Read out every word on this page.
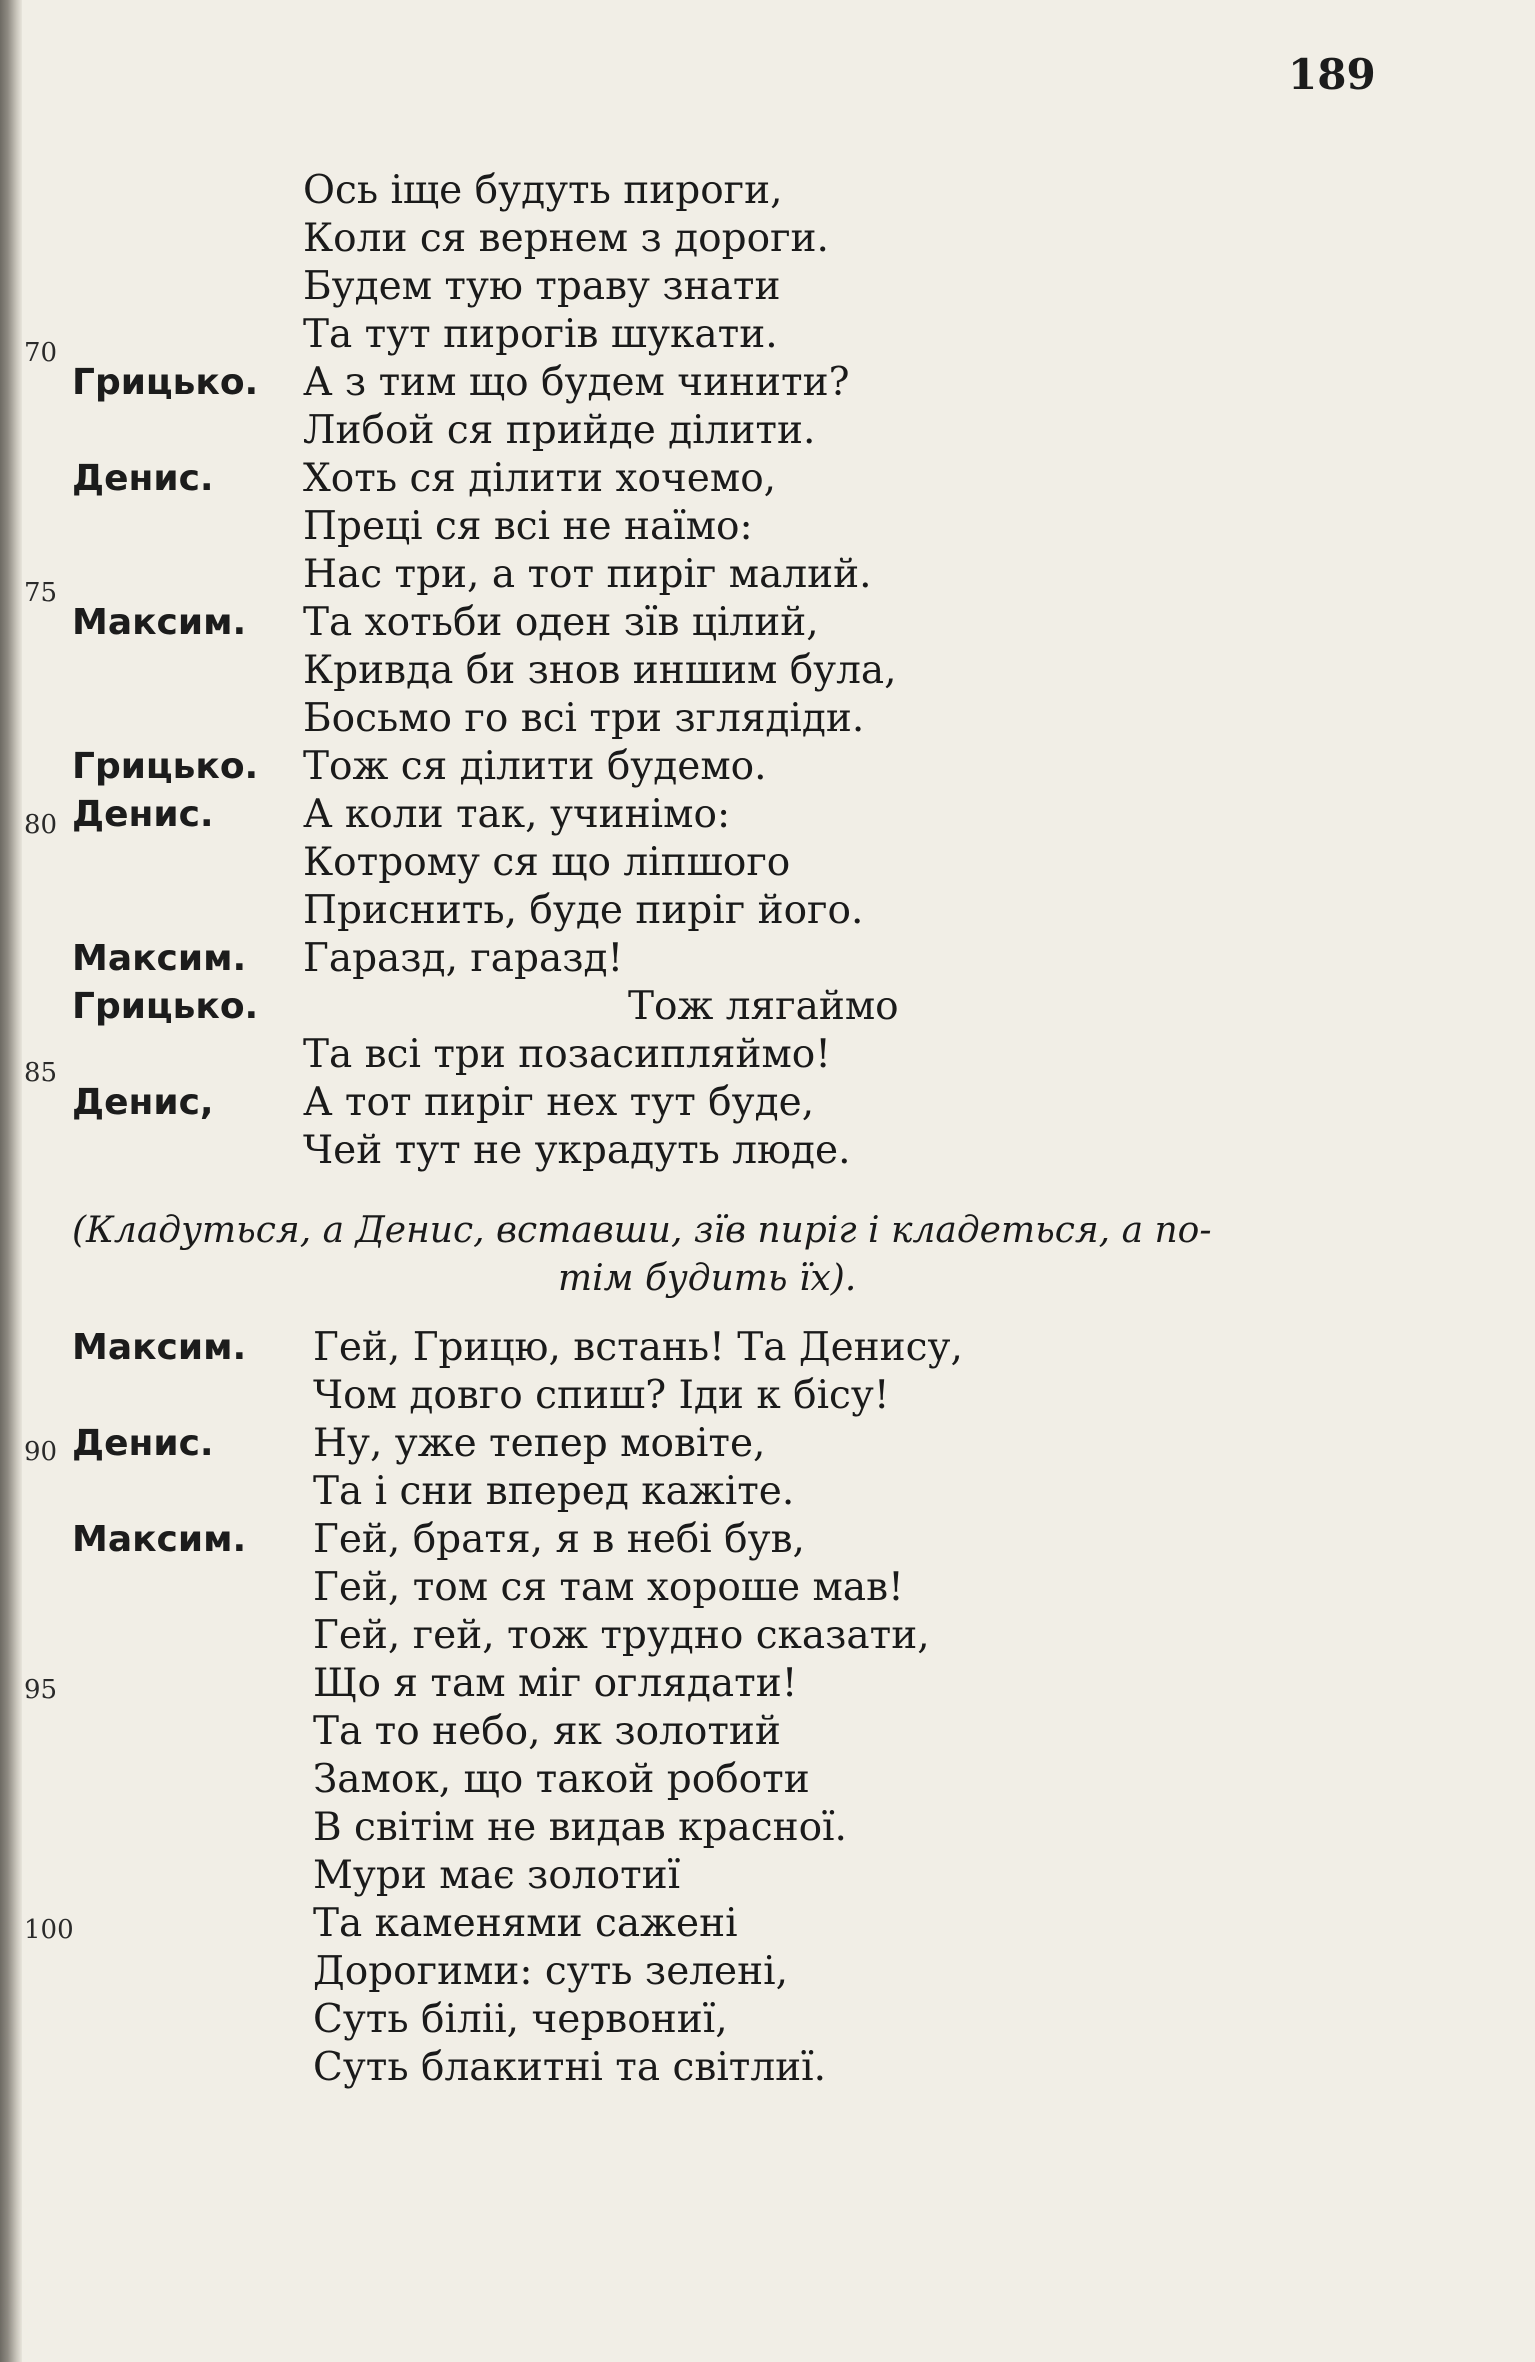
189
Ось іще будуть пироги,
Коли ся вернем з дороги.
Будем тую траву знати
Та тут пирогів шукати.
А з тим що будем чинити?
Либой ся прийде ділити.
Хоть ся ділити хочемо,
Преці ся всі не наїмо:
Нас три, а тот пиріг малий.
Та хотьби оден зїв цілий,
Кривда би знов иншим була,
Босьмо го всі три зглядіди.
Тож ся ділити будемо.
А коли так, учинімо:
Котрому ся що ліпшого
Приснить, буде пиріг його.
Гаразд, гаразд!
Тож лягаймо
Та всі три позасипляймо!
А тот пиріг нех тут буде,
Чей тут не украдуть люде.
Грицько.
Денис.
Максим.
Грицько.
Денис.
Максим.
Грицько.
Денис,
70
75
80
85
(Кладуться, а Денис, вставши, зїв пиріг і кладеться, а по-
тім будить їх).
Гей, Грицю, встань! Та Денису,
Чом довго спиш? Іди к бісу!
Ну, уже тепер мовіте,
Та і сни вперед кажіте.
Гей, братя, я в небі був,
Гей, том ся там хороше мав!
Гей, гей, тож трудно сказати,
Що я там міг оглядати!
Та то небо, як золотий
Замок, що такой роботи
В світім не видав красної.
Мури має золотиї
Та каменями сажені
Дорогими: суть зелені,
Суть біліі, червониї,
Суть блакитні та світлиї.
Максим.
Денис.
Максим.
90
95
100
